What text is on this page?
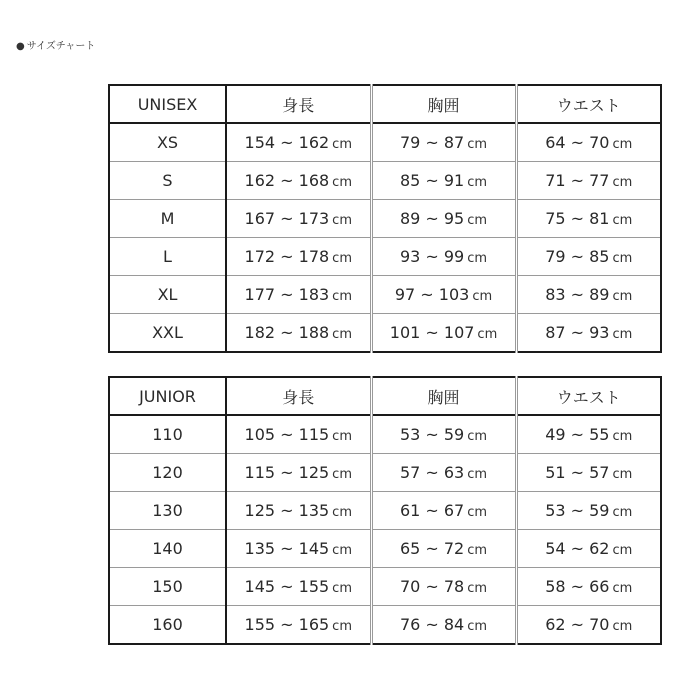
● サイズチャート
UNISEX	身長	胸囲	ウエスト
XS	154 ~ 162 cm	79 ~ 87 cm	64 ~ 70 cm
S	162 ~ 168 cm	85 ~ 91 cm	71 ~ 77 cm
M	167 ~ 173 cm	89 ~ 95 cm	75 ~ 81 cm
L	172 ~ 178 cm	93 ~ 99 cm	79 ~ 85 cm
XL	177 ~ 183 cm	97 ~ 103 cm	83 ~ 89 cm
XXL	182 ~ 188 cm	101 ~ 107 cm	87 ~ 93 cm
JUNIOR	身長	胸囲	ウエスト
110	105 ~ 115 cm	53 ~ 59 cm	49 ~ 55 cm
120	115 ~ 125 cm	57 ~ 63 cm	51 ~ 57 cm
130	125 ~ 135 cm	61 ~ 67 cm	53 ~ 59 cm
140	135 ~ 145 cm	65 ~ 72 cm	54 ~ 62 cm
150	145 ~ 155 cm	70 ~ 78 cm	58 ~ 66 cm
160	155 ~ 165 cm	76 ~ 84 cm	62 ~ 70 cm
